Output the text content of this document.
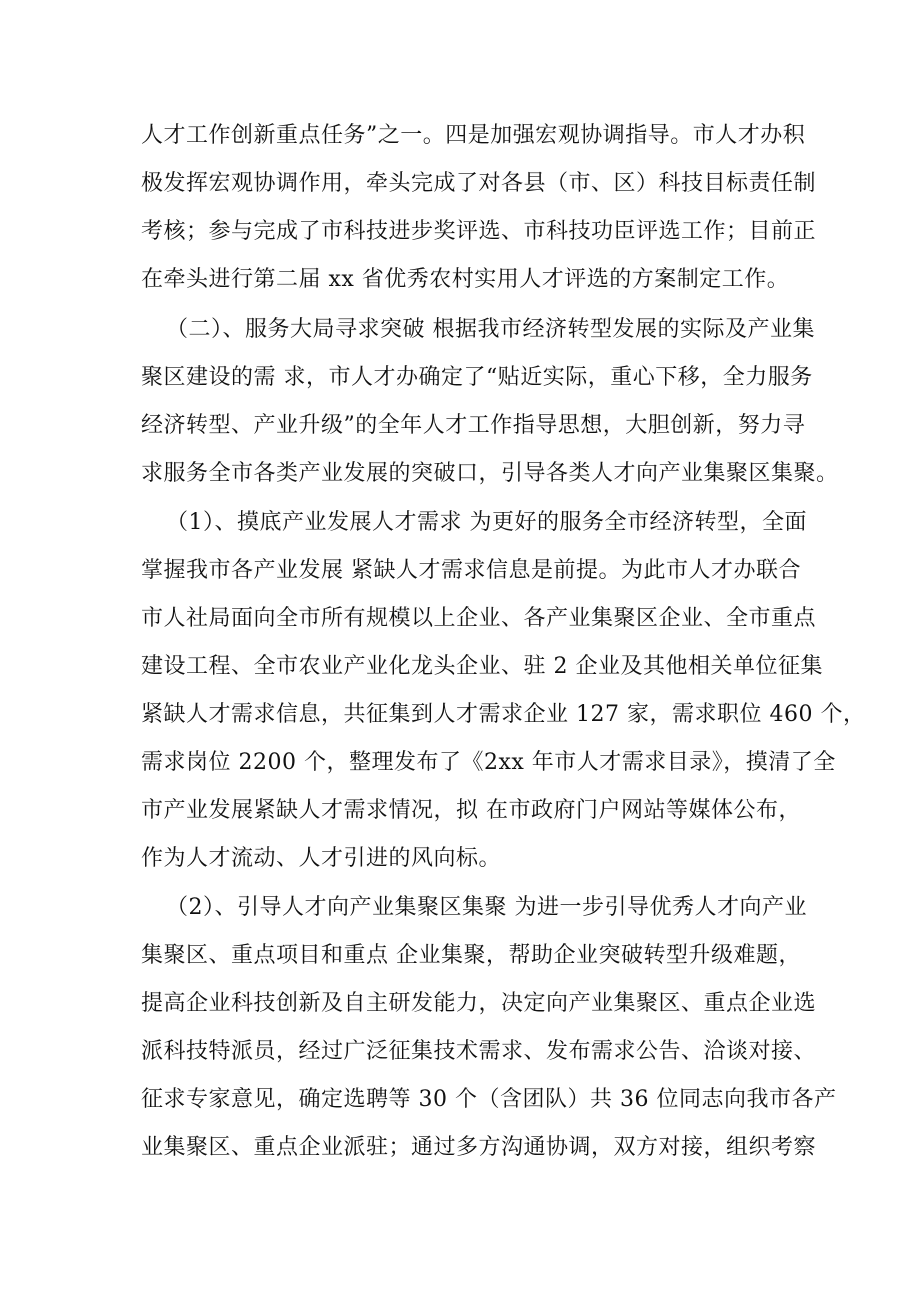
人才工作创新重点任务”之一。四是加强宏观协调指导。市人才办积
极发挥宏观协调作用，牵头完成了对各县（市、区）科技目标责任制
考核；参与完成了市科技进步奖评选、市科技功臣评选工作；目前正
在牵头进行第二届 xx 省优秀农村实用人才评选的方案制定工作。
（二）、服务大局寻求突破 根据我市经济转型发展的实际及产业集
聚区建设的需 求，市人才办确定了“贴近实际，重心下移，全力服务
经济转型、产业升级”的全年人才工作指导思想，大胆创新，努力寻
求服务全市各类产业发展的突破口，引导各类人才向产业集聚区集聚。
（1）、摸底产业发展人才需求 为更好的服务全市经济转型，全面
掌握我市各产业发展 紧缺人才需求信息是前提。为此市人才办联合
市人社局面向全市所有规模以上企业、各产业集聚区企业、全市重点
建设工程、全市农业产业化龙头企业、驻 2 企业及其他相关单位征集
紧缺人才需求信息，共征集到人才需求企业 127 家，需求职位 460 个，
需求岗位 2200 个，整理发布了《2xx 年市人才需求目录》，摸清了全
市产业发展紧缺人才需求情况，拟 在市政府门户网站等媒体公布，
作为人才流动、人才引进的风向标。
（2）、引导人才向产业集聚区集聚 为进一步引导优秀人才向产业
集聚区、重点项目和重点 企业集聚，帮助企业突破转型升级难题，
提高企业科技创新及自主研发能力，决定向产业集聚区、重点企业选
派科技特派员，经过广泛征集技术需求、发布需求公告、洽谈对接、
征求专家意见，确定选聘等 30 个（含团队）共 36 位同志向我市各产
业集聚区、重点企业派驻；通过多方沟通协调，双方对接，组织考察
